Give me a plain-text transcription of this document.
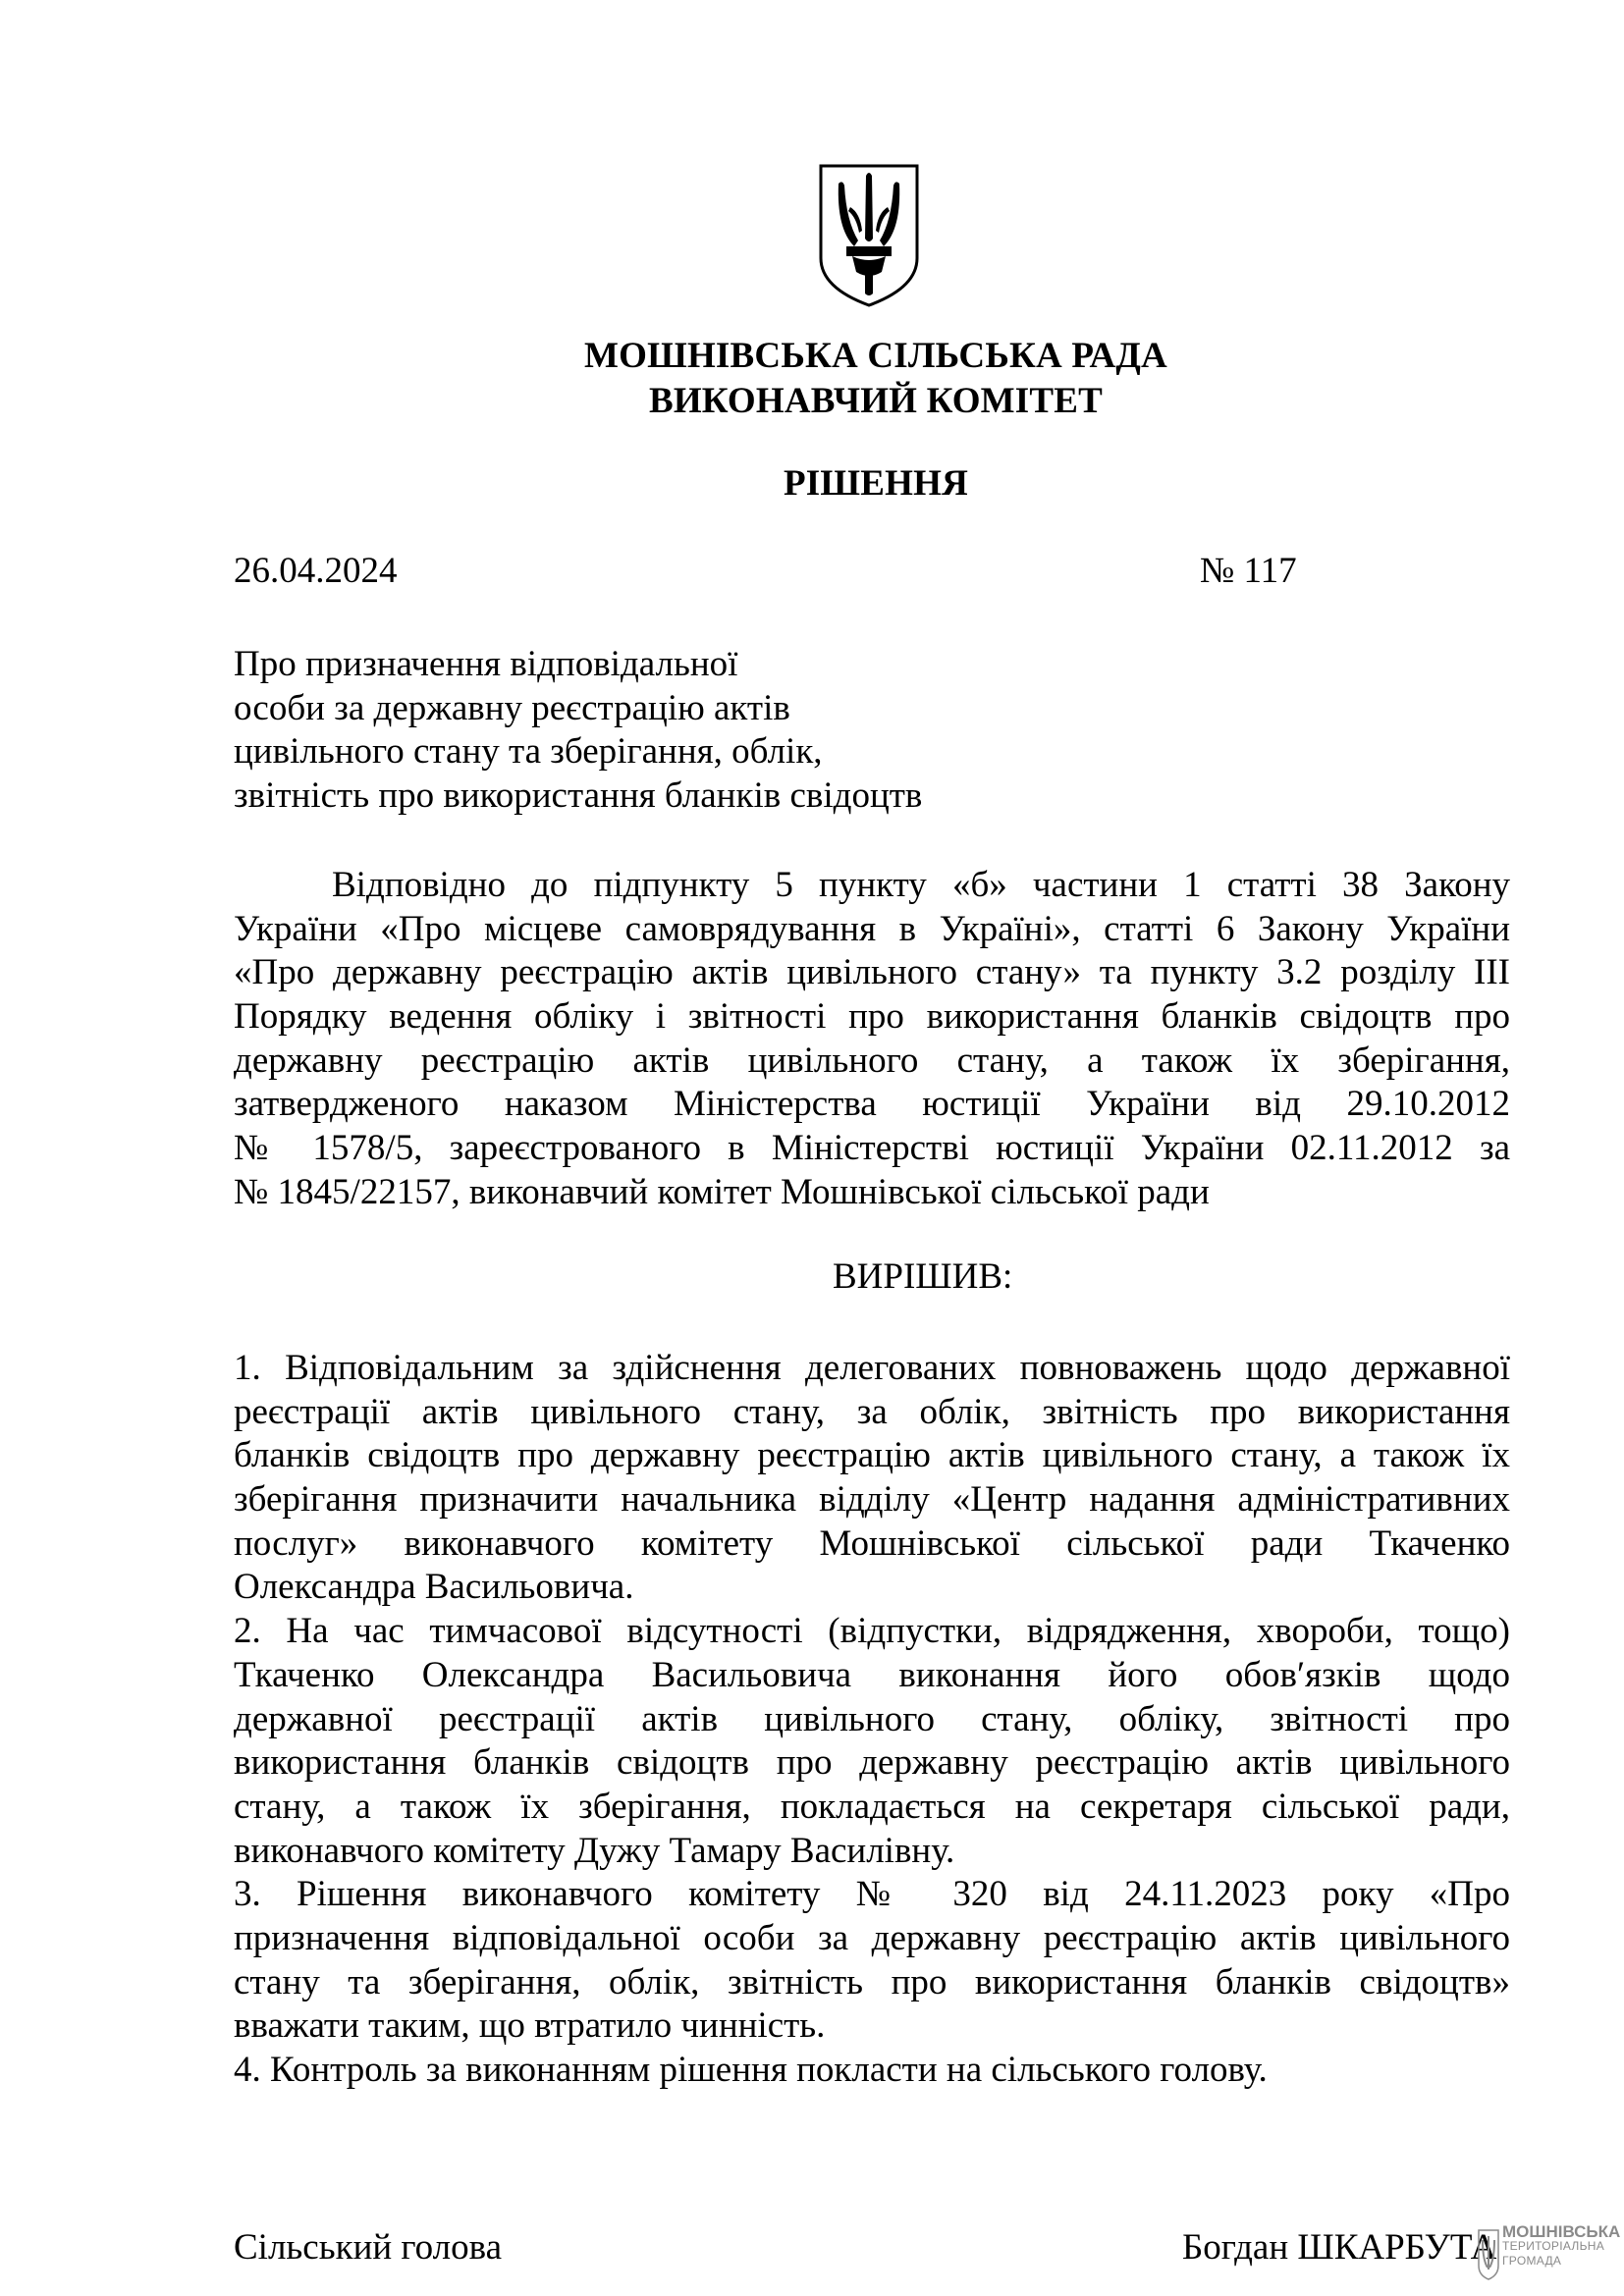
МОШНІВСЬКА СІЛЬСЬКА РАДА
ВИКОНАВЧИЙ КОМІТЕТ
РІШЕННЯ
26.04.2024	№ 117
Про призначення відповідальної
особи за державну реєстрацію актів
цивільного стану та зберігання, облік,
звітність про використання бланків свідоцтв
Відповідно до підпункту 5 пункту «б» частини 1 статті 38 Закону
України «Про місцеве самоврядування в Україні», статті 6 Закону України
«Про державну реєстрацію актів цивільного стану» та пункту 3.2 розділу ІІІ
Порядку ведення обліку і звітності про використання бланків свідоцтв про
державну реєстрацію актів цивільного стану, а також їх зберігання,
затвердженого наказом Міністерства юстиції України від 29.10.2012
№ 1578/5, зареєстрованого в Міністерстві юстиції України 02.11.2012 за
№ 1845/22157, виконавчий комітет Мошнівської сільської ради
ВИРІШИВ:
1. Відповідальним за здійснення делегованих повноважень щодо державної
реєстрації актів цивільного стану, за облік, звітність про використання
бланків свідоцтв про державну реєстрацію актів цивільного стану, а також їх
зберігання призначити начальника відділу «Центр надання адміністративних
послуг» виконавчого комітету Мошнівської сільської ради Ткаченко
Олександра Васильовича.
2. На час тимчасової відсутності (відпустки, відрядження, хвороби, тощо)
Ткаченко Олександра Васильовича виконання його обов′язків щодо
державної реєстрації актів цивільного стану, обліку, звітності про
використання бланків свідоцтв про державну реєстрацію актів цивільного
стану, а також їх зберігання, покладається на секретаря сільської ради,
виконавчого комітету Дужу Тамару Василівну.
3. Рішення виконавчого комітету № 320 від 24.11.2023 року «Про
призначення відповідальної особи за державну реєстрацію актів цивільного
стану та зберігання, облік, звітність про використання бланків свідоцтв»
вважати таким, що втратило чинність.
4. Контроль за виконанням рішення покласти на сільського голову.
Сільський голова	Богдан ШКАРБУТА МОШНІВСЬКА
ТЕРИТОРІАЛЬНА
ГРОМАДА
